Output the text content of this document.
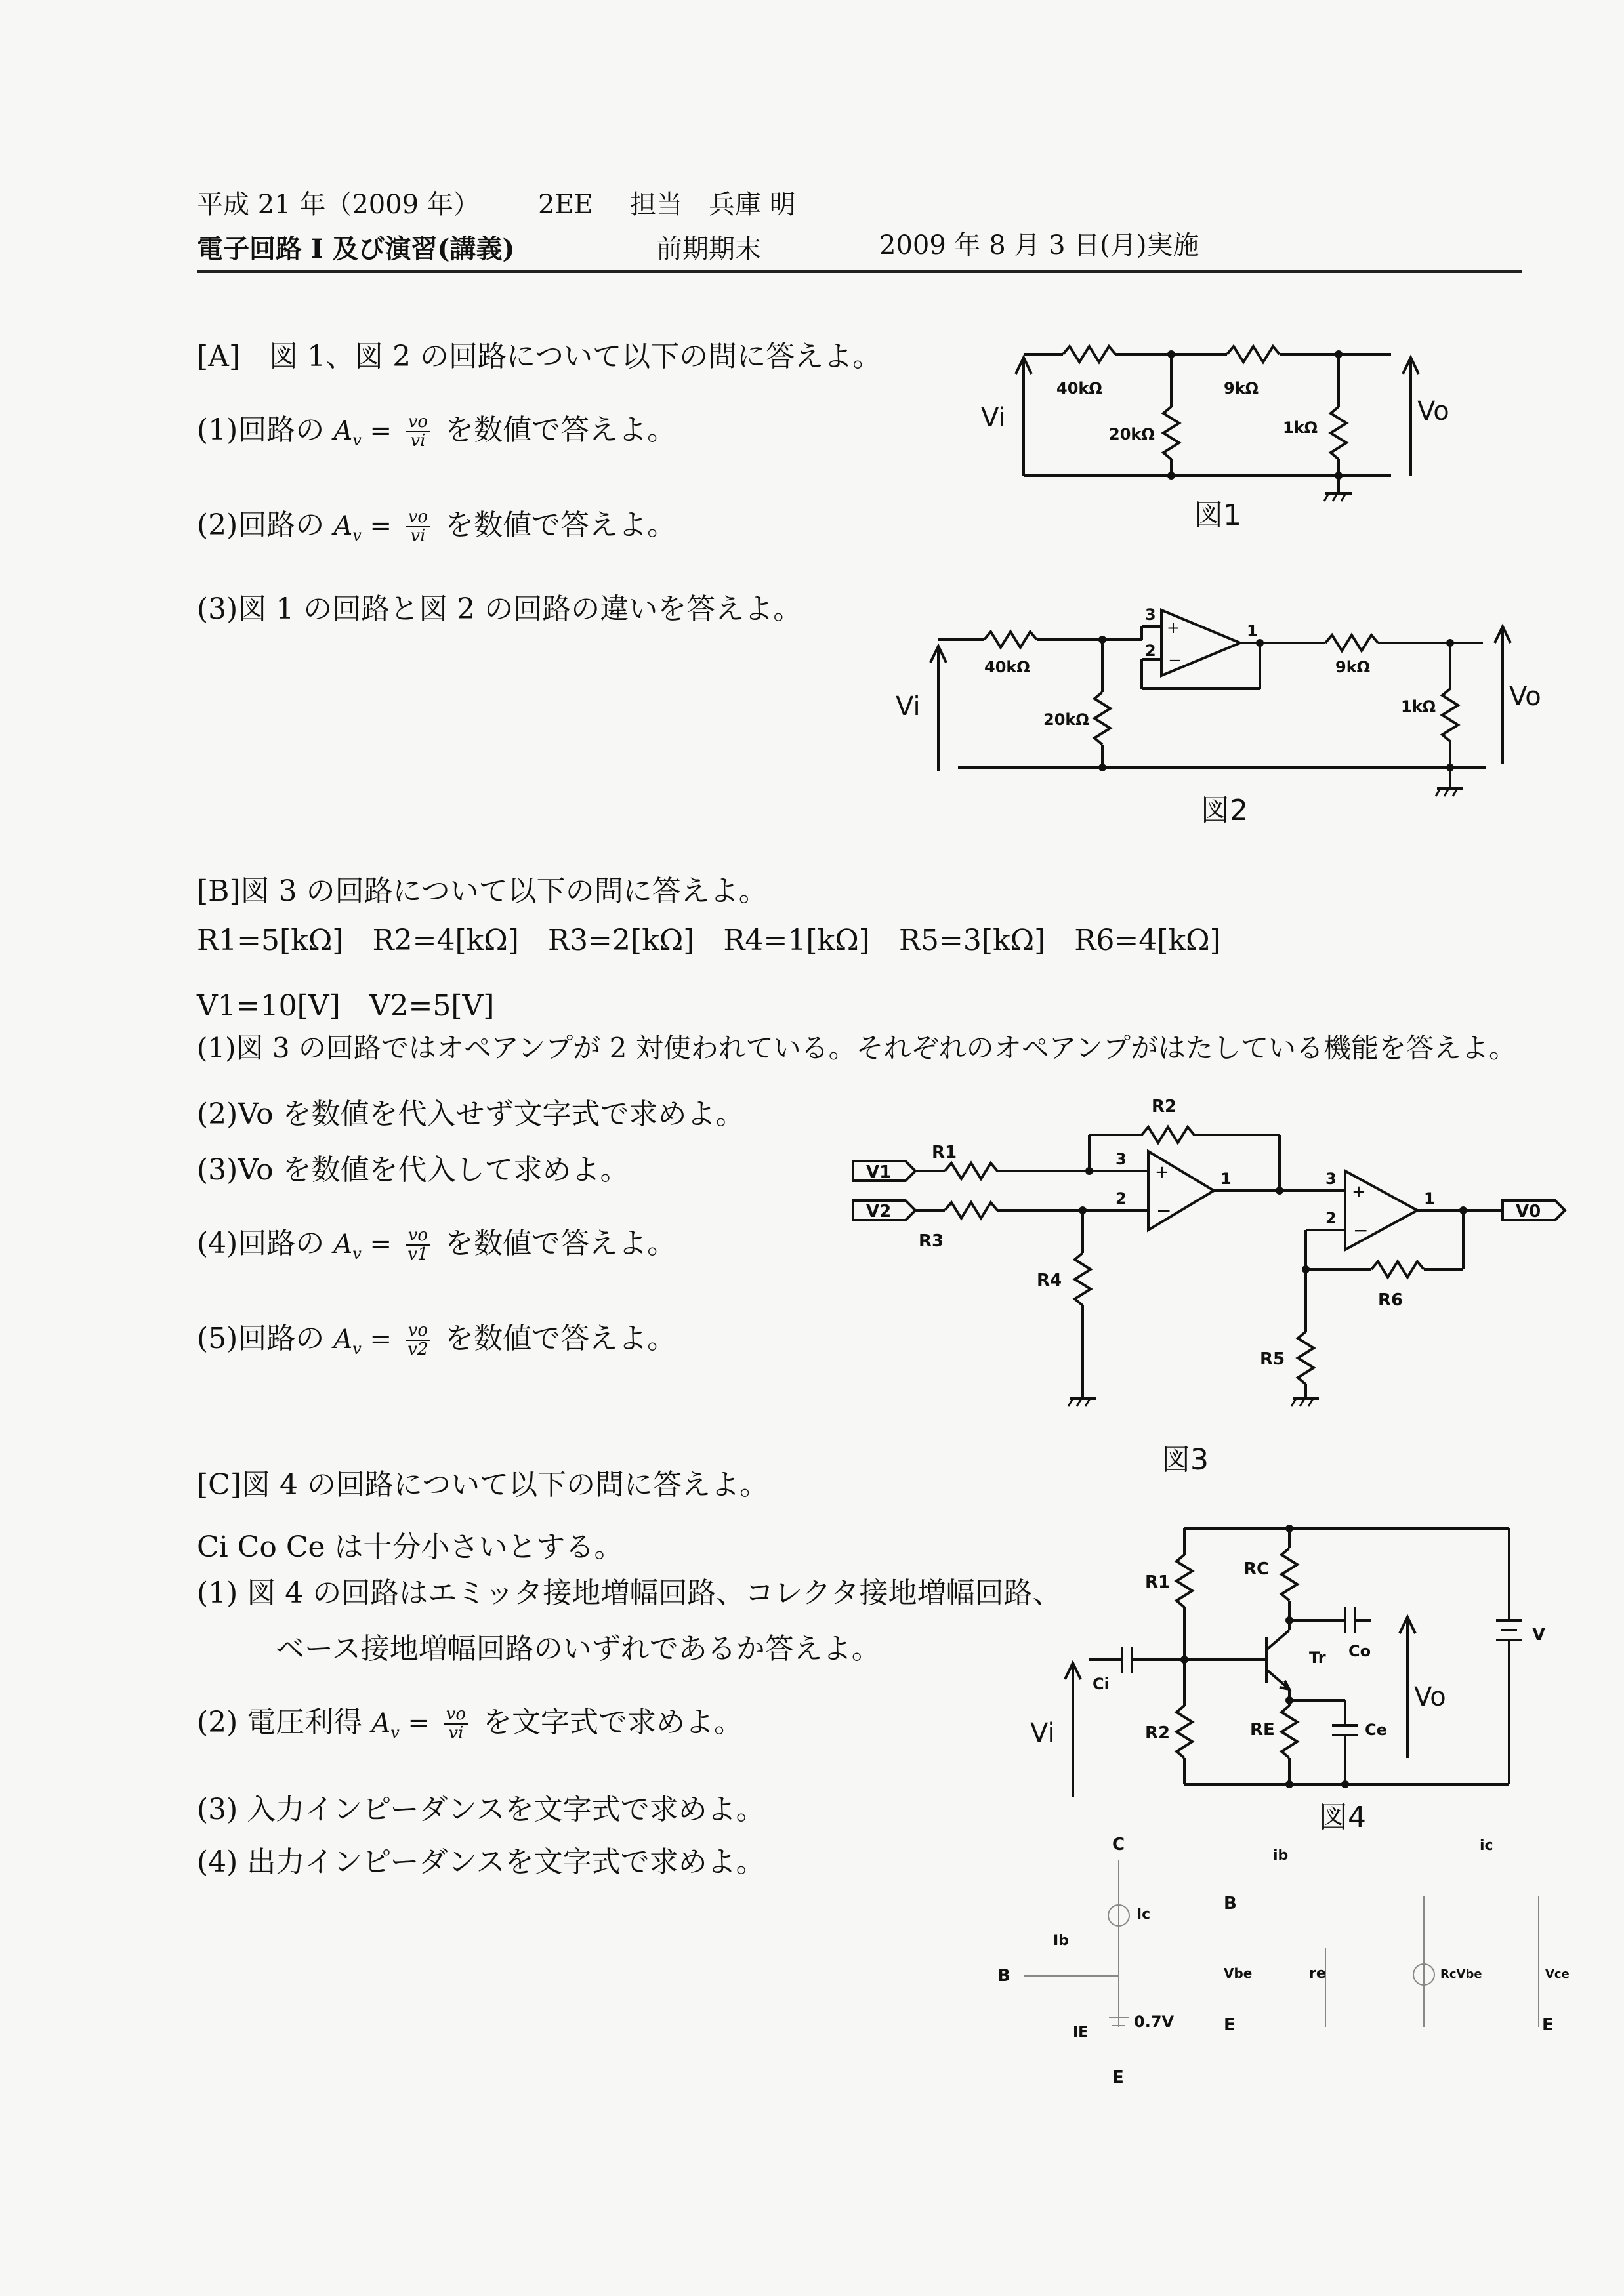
平成 21 年（2009 年） 2EE 担当　兵庫 明
電子回路 I 及び演習(講義)	前期期末	2009 年 8 月 3 日(月)実施
[A]　図 1、図 2 の回路について以下の問に答えよ。
(1)回路の $A_v = \frac{vo}{vi}$ を数値で答えよ。
(2)回路の $A_v = \frac{vo}{vi}$ を数値で答えよ。
(3)図 1 の回路と図 2 の回路の違いを答えよ。
40kΩ
20kΩ
9kΩ
1kΩ
Vi	Vo
図1
+
−
3
2
1
40kΩ
20kΩ
9kΩ
1kΩ
Vi	Vo
図2
[B]図 3 の回路について以下の問に答えよ。
R1=5[kΩ]　R2=4[kΩ]　R3=2[kΩ]　R4=1[kΩ]　R5=3[kΩ]　R6=4[kΩ]
V1=10[V]　V2=5[V]
(1)図 3 の回路ではオペアンプが 2 対使われている。それぞれのオペアンプがはたしている機能を答えよ。
(2)Vo を数値を代入せず文字式で求めよ。
(3)Vo を数値を代入して求めよ。
(4)回路の $A_v = \frac{vo}{v1}$ を数値で答えよ。
(5)回路の $A_v = \frac{vo}{v2}$ を数値で答えよ。
V1
R1
V2
R3
+
−
3
2
1
R2
R4
+
−
3
2
1
V0
R6
R5
図3
[C]図 4 の回路について以下の問に答えよ。
Ci Co Ce は十分小さいとする。
(1) 図 4 の回路はエミッタ接地増幅回路、コレクタ接地増幅回路、
ベース接地増幅回路のいずれであるか答えよ。
(2) 電圧利得 $A_v = \frac{vo}{vi}$ を文字式で求めよ。
(3) 入力インピーダンスを文字式で求めよ。
(4) 出力インピーダンスを文字式で求めよ。
V
R1
R2
Ci
Tr
RC
Co
RE	Ce
Vo
Vi
図4
C
Ic
B
Ib
0.7V
IE
E
ib
B
Vbe	re
E
RcVbe
ic
Vce
E
